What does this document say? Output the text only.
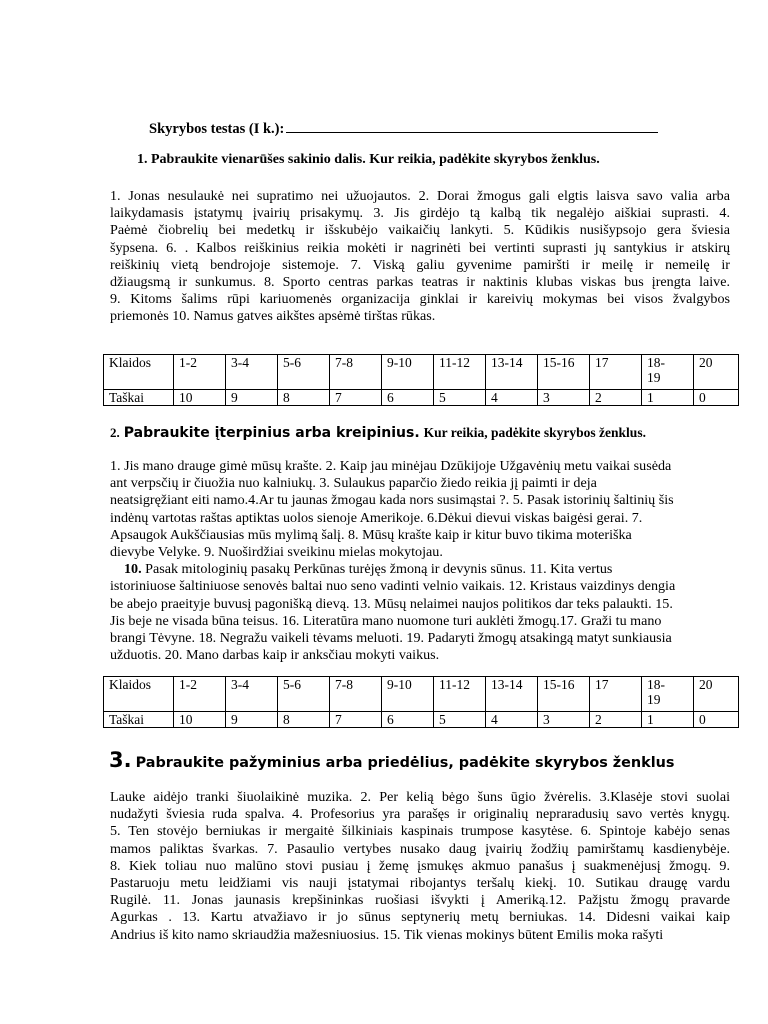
Skyrybos testas (I k.):
1. Pabraukite vienarūšes sakinio dalis. Kur reikia, padėkite skyrybos ženklus.
1. Jonas nesulaukė nei supratimo nei užuojautos. 2. Dorai žmogus gali elgtis laisva savo valia arba
laikydamasis įstatymų įvairių prisakymų. 3. Jis girdėjo tą kalbą tik negalėjo aiškiai suprasti. 4.
Paėmė čiobrelių bei medetkų ir išskubėjo vaikaičių lankyti. 5. Kūdikis nusišypsojo gera šviesia
šypsena. 6. . Kalbos reiškinius reikia mokėti ir nagrinėti bei vertinti suprasti jų santykius ir atskirų
reiškinių vietą bendrojoje sistemoje. 7. Viską galiu gyvenime pamiršti ir meilę ir nemeilę ir
džiaugsmą ir sunkumus. 8. Sporto centras parkas teatras ir naktinis klubas viskas bus įrengta laive.
9. Kitoms šalims rūpi kariuomenės organizacija ginklai ir kareivių mokymas bei visos žvalgybos
priemonės 10. Namus gatves aikštes apsėmė tirštas rūkas.
Klaidos	1-2	3-4	5-6	7-8	9-10	11-12	13-14	15-16	17	18-19	20
Taškai	10	9	8	7	6	5	4	3	2	1	0
2. Pabraukite įterpinius arba kreipinius. Kur reikia, padėkite skyrybos ženklus.
1. Jis mano drauge gimė mūsų krašte. 2. Kaip jau minėjau Dzūkijoje Užgavėnių metu vaikai susėda
ant verpsčių ir čiuožia nuo kalniukų. 3. Sulaukus paparčio žiedo reikia jį paimti ir deja
neatsigręžiant eiti namo.4.Ar tu jaunas žmogau kada nors susimąstai ?. 5. Pasak istorinių šaltinių šis
indėnų vartotas raštas aptiktas uolos sienoje Amerikoje. 6.Dėkui dievui viskas baigėsi gerai. 7.
Apsaugok Aukščiausias mūs mylimą šalį. 8. Mūsų krašte kaip ir kitur buvo tikima moteriška
dievybe Velyke. 9. Nuoširdžiai sveikinu mielas mokytojau.
10. Pasak mitologinių pasakų Perkūnas turėjęs žmoną ir devynis sūnus. 11. Kita vertus
istoriniuose šaltiniuose senovės baltai nuo seno vadinti velnio vaikais. 12. Kristaus vaizdinys dengia
be abejo praeityje buvusį pagonišką dievą. 13. Mūsų nelaimei naujos politikos dar teks palaukti. 15.
Jis beje ne visada būna teisus. 16. Literatūra mano nuomone turi auklėti žmogų.17. Graži tu mano
brangi Tėvyne. 18. Negražu vaikeli tėvams meluoti. 19. Padaryti žmogų atsakingą matyt sunkiausia
užduotis. 20. Mano darbas kaip ir anksčiau mokyti vaikus.
Klaidos	1-2	3-4	5-6	7-8	9-10	11-12	13-14	15-16	17	18-19	20
Taškai	10	9	8	7	6	5	4	3	2	1	0
3. Pabraukite pažyminius arba priedėlius, padėkite skyrybos ženklus
Lauke aidėjo tranki šiuolaikinė muzika. 2. Per kelią bėgo šuns ūgio žvėrelis. 3.Klasėje stovi suolai
nudažyti šviesia ruda spalva. 4. Profesorius yra parašęs ir originalių nepraradusių savo vertės knygų.
5. Ten stovėjo berniukas ir mergaitė šilkiniais kaspinais trumpose kasytėse. 6. Spintoje kabėjo senas
mamos paliktas švarkas. 7. Pasaulio vertybes nusako daug įvairių žodžių pamirštamų kasdienybėje.
8. Kiek toliau nuo malūno stovi pusiau į žemę įsmukęs akmuo panašus į suakmenėjusį žmogų. 9.
Pastaruoju metu leidžiami vis nauji įstatymai ribojantys teršalų kiekį. 10. Sutikau draugę vardu
Rugilė. 11. Jonas jaunasis krepšininkas ruošiasi išvykti į Ameriką.12. Pažįstu žmogų pravarde
Agurkas . 13. Kartu atvažiavo ir jo sūnus septynerių metų berniukas. 14. Didesni vaikai kaip
Andrius iš kito namo skriaudžia mažesniuosius. 15. Tik vienas mokinys būtent Emilis moka rašyti
